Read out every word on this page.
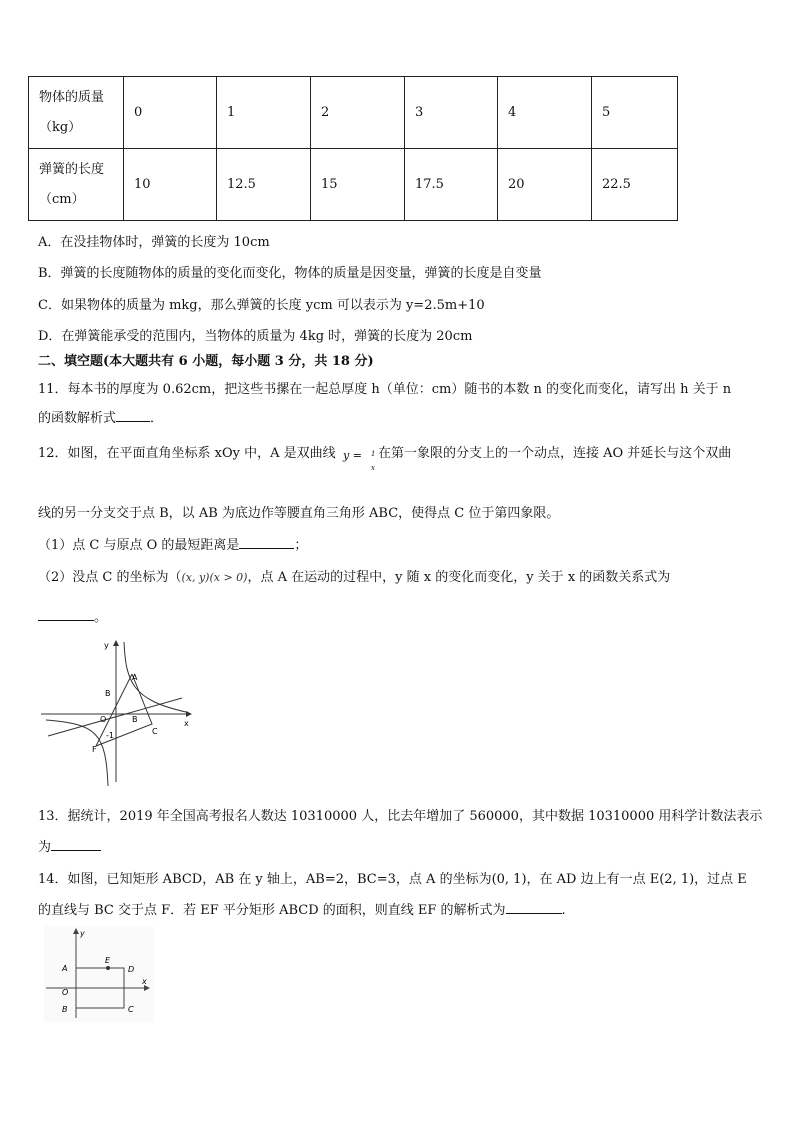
物体的质量
（kg）	0	1	2	3	4	5

弹簧的长度
（cm）	10	12.5	15	17.5	20	22.5
A．在没挂物体时，弹簧的长度为 10cm
B．弹簧的长度随物体的质量的变化而变化，物体的质量是因变量，弹簧的长度是自变量
C．如果物体的质量为 mkg，那么弹簧的长度 ycm 可以表示为 y=2.5m+10
D．在弹簧能承受的范围内，当物体的质量为 4kg 时，弹簧的长度为 20cm
二、填空题(本大题共有 6 小题，每小题 3 分，共 18 分)
11．每本书的厚度为 0.62cm，把这些书摞在一起总厚度 h（单位：cm）随书的本数 n 的变化而变化，请写出 h 关于 n
的函数解析式	．
12．如图，在平面直角坐标系 xOy 中，A 是双曲线 y = 1
x
在第一象限的分支上的一个动点，连接 AO 并延长与这个双曲
线的另一分支交于点 B，以 AB 为底边作等腰直角三角形 ABC，使得点 C 位于第四象限。
（1）点 C 与原点 O 的最短距离是	；
（2）没点 C 的坐标为（(x, y)(x > 0)，点 A 在运动的过程中，y 随 x 的变化而变化，y 关于 x 的函数关系式为
。
y
x
A
B
B
O
C
-1
F
13．据统计，2019 年全国高考报名人数达 10310000 人，比去年增加了 560000，其中数据 10310000 用科学计数法表示
为
14．如图，已知矩形 ABCD，AB 在 y 轴上，AB=2，BC=3，点 A 的坐标为(0, 1)，在 AD 边上有一点 E(2, 1)，过点 E
的直线与 BC 交于点 F．若 EF 平分矩形 ABCD 的面积，则直线 EF 的解析式为	.
y
x
A
E
D
O
B	C
